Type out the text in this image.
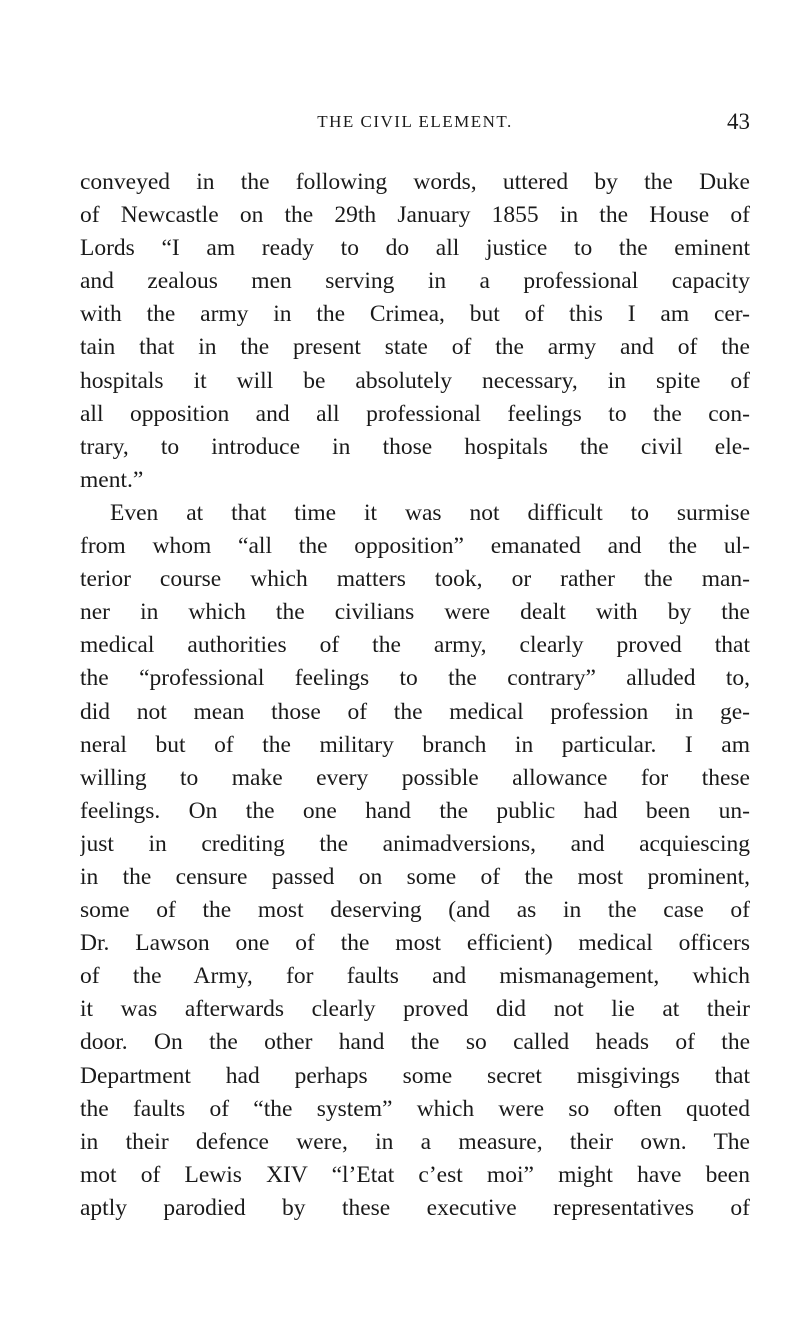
THE CIVIL ELEMENT.	43
conveyed in the following words, uttered by the Duke
of Newcastle on the 29th January 1855 in the House of
Lords “I am ready to do all justice to the eminent
and zealous men serving in a professional capacity
with the army in the Crimea, but of this I am cer-
tain that in the present state of the army and of the
hospitals it will be absolutely necessary, in spite of
all opposition and all professional feelings to the con-
trary, to introduce in those hospitals the civil ele-
ment.”
Even at that time it was not difficult to surmise
from whom “all the opposition” emanated and the ul-
terior course which matters took, or rather the man-
ner in which the civilians were dealt with by the
medical authorities of the army, clearly proved that
the “professional feelings to the contrary” alluded to,
did not mean those of the medical profession in ge-
neral but of the military branch in particular. I am
willing to make every possible allowance for these
feelings. On the one hand the public had been un-
just in crediting the animadversions, and acquiescing
in the censure passed on some of the most prominent,
some of the most deserving (and as in the case of
Dr. Lawson one of the most efficient) medical officers
of the Army, for faults and mismanagement, which
it was afterwards clearly proved did not lie at their
door. On the other hand the so called heads of the
Department had perhaps some secret misgivings that
the faults of “the system” which were so often quoted
in their defence were, in a measure, their own. The
mot of Lewis XIV “l’Etat c’est moi” might have been
aptly parodied by these executive representatives of
